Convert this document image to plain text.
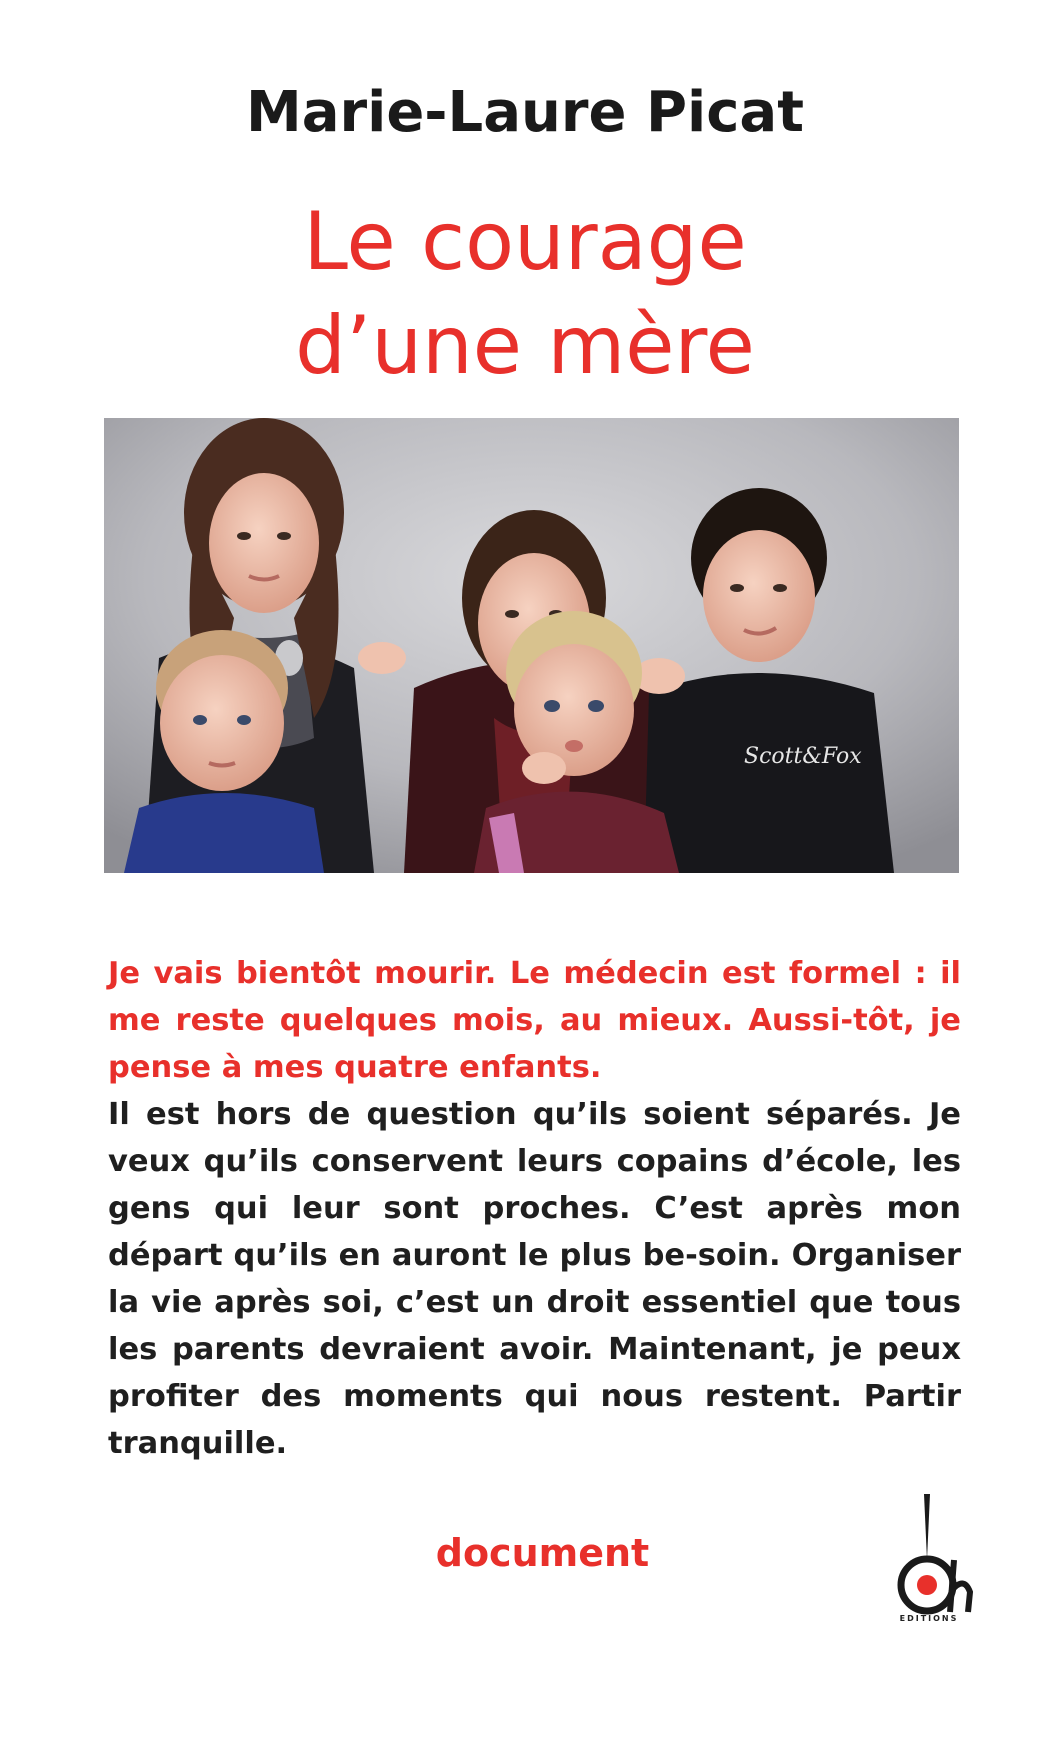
Marie-Laure Picat
Le courage
d’une mère
Scott&Fox
Je vais bientôt mourir. Le médecin est formel : il me reste quelques mois, au mieux. Aussi-tôt, je pense à mes quatre enfants.
Il est hors de question qu’ils soient séparés. Je veux qu’ils conservent leurs copains d’école, les gens qui leur sont proches. C’est après mon départ qu’ils en auront le plus be-soin. Organiser la vie après soi, c’est un droit essentiel que tous les parents devraient avoir. Maintenant, je peux profiter des moments qui nous restent. Partir tranquille.
document
EDITIONS
